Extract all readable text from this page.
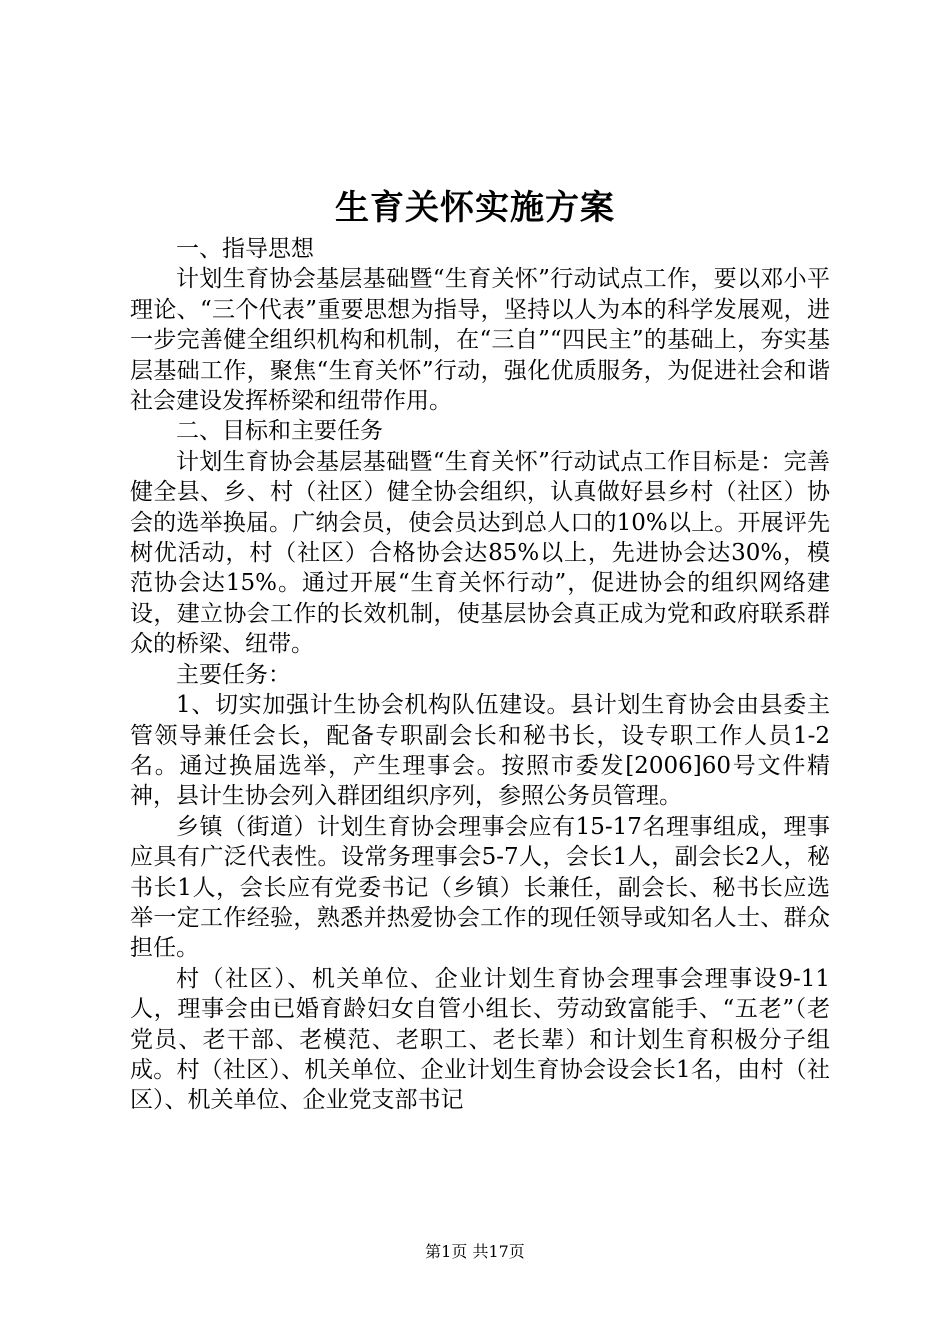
生育关怀实施方案

一、指导思想

计划生育协会基层基础暨“生育关怀”行动试点工作，要以邓小平理论、“三个代表”重要思想为指导，坚持以人为本的科学发展观，进一步完善健全组织机构和机制，在“三自”“四民主”的基础上，夯实基层基础工作，聚焦“生育关怀”行动，强化优质服务，为促进社会和谐社会建设发挥桥梁和纽带作用。

二、目标和主要任务

计划生育协会基层基础暨“生育关怀”行动试点工作目标是：完善健全县、乡、村（社区）健全协会组织，认真做好县乡村（社区）协会的选举换届。广纳会员，使会员达到总人口的10%以上。开展评先树优活动，村（社区）合格协会达85%以上，先进协会达30%，模范协会达15%。通过开展“生育关怀行动”，促进协会的组织网络建设，建立协会工作的长效机制，使基层协会真正成为党和政府联系群众的桥梁、纽带。

主要任务：

1、切实加强计生协会机构队伍建设。县计划生育协会由县委主管领导兼任会长，配备专职副会长和秘书长，设专职工作人员1-2名。通过换届选举，产生理事会。按照市委发[2006]60号文件精神，县计生协会列入群团组织序列，参照公务员管理。

乡镇（街道）计划生育协会理事会应有15-17名理事组成，理事应具有广泛代表性。设常务理事会5-7人，会长1人，副会长2人，秘书长1人，会长应有党委书记（乡镇）长兼任，副会长、秘书长应选举一定工作经验，熟悉并热爱协会工作的现任领导或知名人士、群众担任。

村（社区）、机关单位、企业计划生育协会理事会理事设9-11人，理事会由已婚育龄妇女自管小组长、劳动致富能手、“五老”（老党员、老干部、老模范、老职工、老长辈）和计划生育积极分子组成。村（社区）、机关单位、企业计划生育协会设会长1名，由村（社区）、机关单位、企业党支部书记

第1页 共17页
